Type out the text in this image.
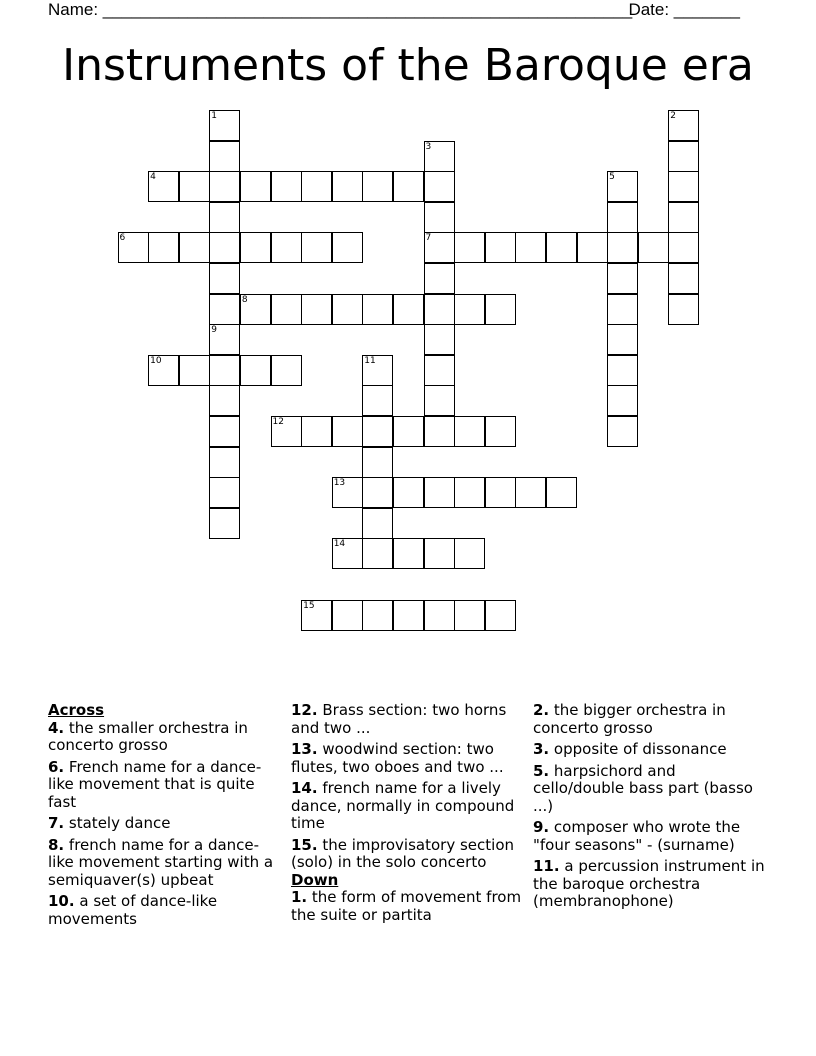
Name: ________________________________________________________
Date: _______
Instruments of the Baroque era
4
6	7
8
10
12
13
14
15
1	2
3
5
9
11
Across
4. the smaller orchestra in concerto grosso
6. French name for a dance-like movement that is quite fast
7. stately dance
8. french name for a dance-like movement starting with a semiquaver(s) upbeat
10. a set of dance-like movements
12. Brass section: two horns and two ...
13. woodwind section: two flutes, two oboes and two ...
14. french name for a lively dance, normally in compound time
15. the improvisatory section (solo) in the solo concerto
Down
1. the form of movement from the suite or partita
2. the bigger orchestra in concerto grosso
3. opposite of dissonance
5. harpsichord and cello/double bass part (basso ...)
9. composer who wrote the "four seasons" - (surname)
11. a percussion instrument in the baroque orchestra (membranophone)
